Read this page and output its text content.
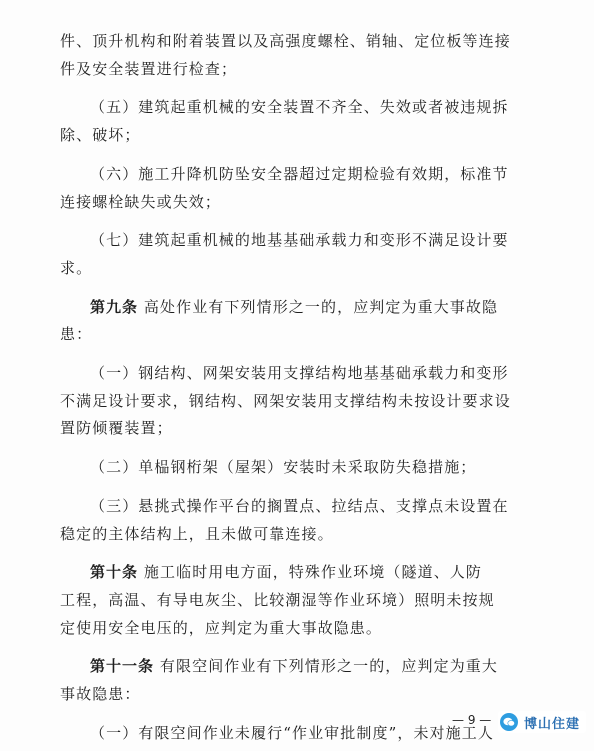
件、顶升机构和附着装置以及高强度螺栓、销轴、定位板等连接
件及安全装置进行检查；
（五）建筑起重机械的安全装置不齐全、失效或者被违规拆
除、破坏；
（六）施工升降机防坠安全器超过定期检验有效期，标准节
连接螺栓缺失或失效；
（七）建筑起重机械的地基基础承载力和变形不满足设计要
求。
第九条 高处作业有下列情形之一的，应判定为重大事故隐
患：
（一）钢结构、网架安装用支撑结构地基基础承载力和变形
不满足设计要求，钢结构、网架安装用支撑结构未按设计要求设
置防倾覆装置；
（二）单榀钢桁架（屋架）安装时未采取防失稳措施；
（三）悬挑式操作平台的搁置点、拉结点、支撑点未设置在
稳定的主体结构上，且未做可靠连接。
第十条 施工临时用电方面，特殊作业环境（隧道、人防
工程，高温、有导电灰尘、比较潮湿等作业环境）照明未按规
定使用安全电压的，应判定为重大事故隐患。
第十一条 有限空间作业有下列情形之一的，应判定为重大
事故隐患：
（一）有限空间作业未履行“作业审批制度”，未对施工人
— 9 —	博山住建
